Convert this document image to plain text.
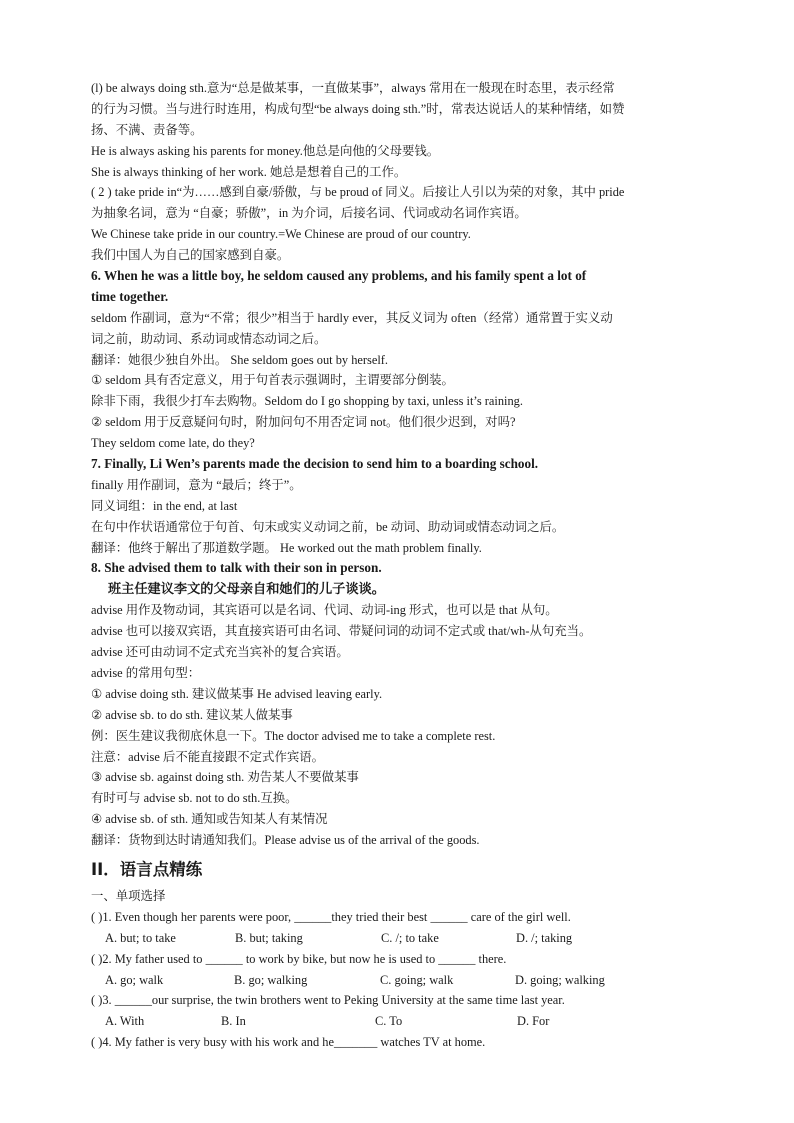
(l) be always doing sth.意为“总是做某事，一直做某事”，always 常用在一般现在时态里，表示经常
的行为习惯。当与进行时连用，构成句型“be always doing sth.”时，常表达说话人的某种情绪，如赞
扬、不满、责备等。
He is always asking his parents for money.他总是向他的父母要钱。
She is always thinking of her work. 她总是想着自己的工作。
( 2 ) take pride in“为……感到自豪/骄傲，与 be proud of 同义。后接让人引以为荣的对象，其中 pride
为抽象名词，意为 “自豪；骄傲”，in 为介词，后接名词、代词或动名词作宾语。
We Chinese take pride in our country.=We Chinese are proud of our country.
我们中国人为自己的国家感到自豪。
6. When he was a little boy, he seldom caused any problems, and his family spent a lot of
time together.
seldom 作副词，意为“不常；很少”相当于 hardly ever，其反义词为 often（经常）通常置于实义动
词之前，助动词、系动词或情态动词之后。
翻译：她很少独自外出。 She seldom goes out by herself.
① seldom 具有否定意义，用于句首表示强调时，主谓要部分倒装。
除非下雨，我很少打车去购物。Seldom do I go shopping by taxi, unless it’s raining.
② seldom 用于反意疑问句时，附加问句不用否定词 not。他们很少迟到，对吗?
They seldom come late, do they?
7. Finally, Li Wen’s parents made the decision to send him to a boarding school.
finally 用作副词，意为 “最后；终于”。
同义词组：in the end, at last
在句中作状语通常位于句首、句末或实义动词之前，be 动词、助动词或情态动词之后。
翻译：他终于解出了那道数学题。 He worked out the math problem finally.
8. She advised them to talk with their son in person.
班主任建议李文的父母亲自和她们的儿子谈谈。
advise 用作及物动词，其宾语可以是名词、代词、动词-ing 形式，也可以是 that 从句。
advise 也可以接双宾语，其直接宾语可由名词、带疑问词的动词不定式或 that/wh-从句充当。
advise 还可由动词不定式充当宾补的复合宾语。
advise 的常用句型：
① advise doing sth. 建议做某事 He advised leaving early.
② advise sb. to do sth. 建议某人做某事
例：医生建议我彻底休息一下。The doctor advised me to take a complete rest.
注意：advise 后不能直接跟不定式作宾语。
③ advise sb. against doing sth. 劝告某人不要做某事
有时可与 advise sb. not to do sth.互换。
④ advise sb. of sth. 通知或告知某人有某情况
翻译：货物到达时请通知我们。Please advise us of the arrival of the goods.
II．语言点精练
一、单项选择
( )1. Even though her parents were poor, ______they tried their best ______ care of the girl well.
A. but; to take	B. but; taking	C. /; to take	D. /; taking
( )2. My father used to ______ to work by bike, but now he is used to ______ there.
A. go; walk	B. go; walking	C. going; walk	D. going; walking
( )3. ______our surprise, the twin brothers went to Peking University at the same time last year.
A. With	B. In	C. To	D. For
( )4. My father is very busy with his work and he_______ watches TV at home.
